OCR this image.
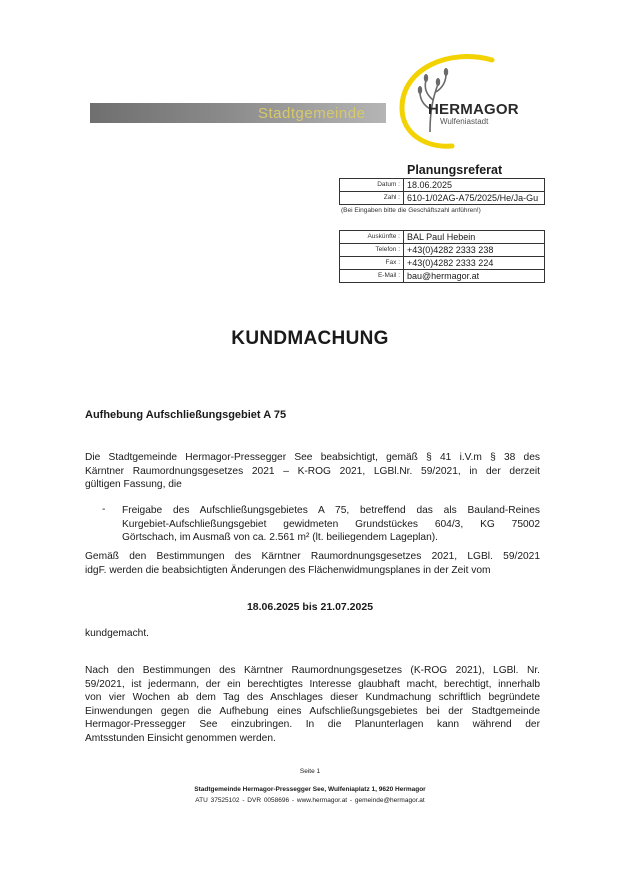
Stadtgemeinde	HERMAGOR
Wulfeniastadt
Planungsreferat
Datum :	18.06.2025
Zahl :	610-1/02AG-A75/2025/He/Ja-Gu
(Bei Eingaben bitte die Geschäftszahl anführen!)
Auskünfte :	BAL Paul Hebein
Telefon :	+43(0)4282 2333 238
Fax :	+43(0)4282 2333 224
E-Mail :	bau@hermagor.at
KUNDMACHUNG
Aufhebung Aufschließungsgebiet A 75
Die Stadtgemeinde Hermagor-Pressegger See beabsichtigt, gemäß § 41 i.V.m § 38 des
Kärntner Raumordnungsgesetzes 2021 – K-ROG 2021, LGBl.Nr. 59/2021, in der derzeit
gültigen Fassung, die
- Freigabe des Aufschließungsgebietes A 75, betreffend das als Bauland-Reines
Kurgebiet-Aufschließungsgebiet gewidmeten Grundstückes 604/3, KG 75002
Görtschach, im Ausmaß von ca. 2.561 m² (lt. beiliegendem Lageplan).
Gemäß den Bestimmungen des Kärntner Raumordnungsgesetzes 2021, LGBl. 59/2021
idgF. werden die beabsichtigten Änderungen des Flächenwidmungsplanes in der Zeit vom
18.06.2025 bis 21.07.2025
kundgemacht.
Nach den Bestimmungen des Kärntner Raumordnungsgesetzes (K-ROG 2021), LGBl. Nr.
59/2021, ist jedermann, der ein berechtigtes Interesse glaubhaft macht, berechtigt, innerhalb
von vier Wochen ab dem Tag des Anschlages dieser Kundmachung schriftlich begründete
Einwendungen gegen die Aufhebung eines Aufschließungsgebietes bei der Stadtgemeinde
Hermagor-Pressegger See einzubringen. In die Planunterlagen kann während der
Amtsstunden Einsicht genommen werden.
Seite 1
Stadtgemeinde Hermagor-Pressegger See, Wulfeniaplatz 1, 9620 Hermagor
ATU 37525102 - DVR 0058696 - www.hermagor.at - gemeinde@hermagor.at
